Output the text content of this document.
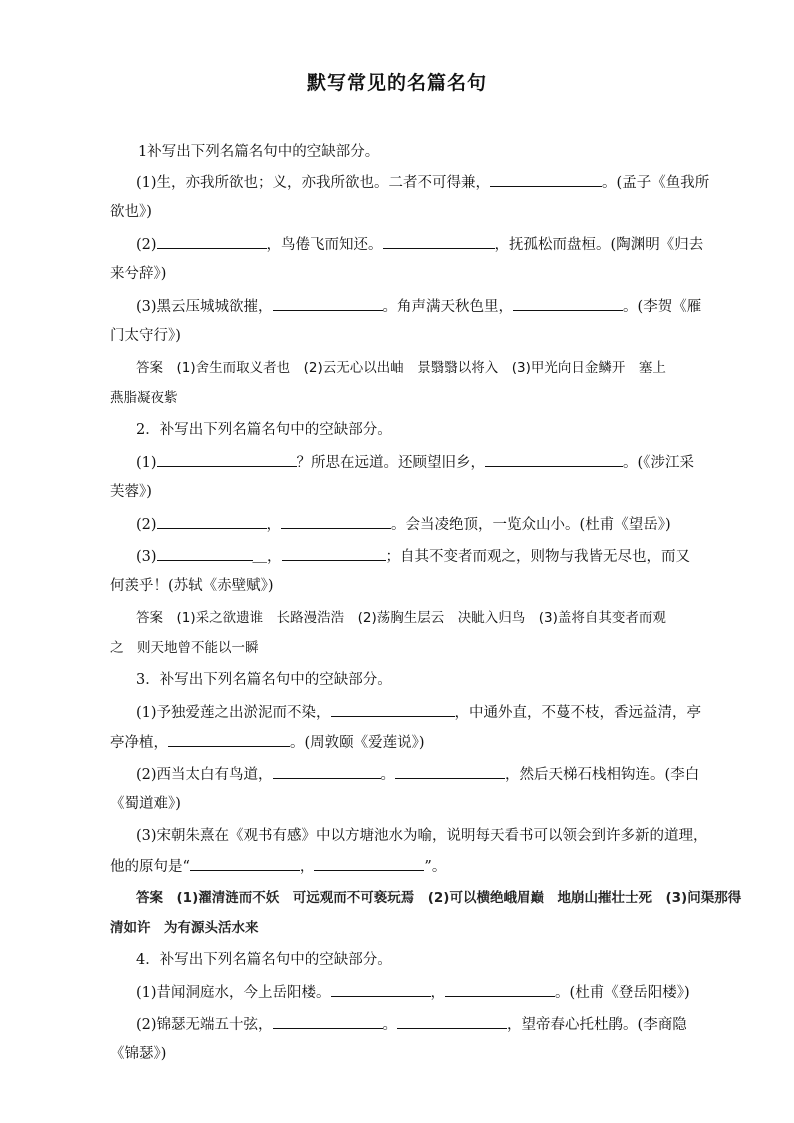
默写常见的名篇名句
1补写出下列名篇名句中的空缺部分。
(1)生，亦我所欲也；义，亦我所欲也。二者不可得兼，	。(孟子《鱼我所
欲也》)
(2)	，鸟倦飞而知还。	，抚孤松而盘桓。(陶渊明《归去
来兮辞》)
(3)黑云压城城欲摧，	。角声满天秋色里，	。(李贺《雁
门太守行》)
答案　(1)舍生而取义者也　(2)云无心以出岫　景翳翳以将入　(3)甲光向日金鳞开　塞上
燕脂凝夜紫
2．补写出下列名篇名句中的空缺部分。
(1)	？所思在远道。还顾望旧乡，	。(《涉江采
芙蓉》)
(2)	，	。会当凌绝顶，一览众山小。(杜甫《望岳》)
(3)	＿，	；自其不变者而观之，则物与我皆无尽也，而又
何羡乎！(苏轼《赤壁赋》)
答案　(1)采之欲遗谁　长路漫浩浩　(2)荡胸生层云　决眦入归鸟　(3)盖将自其变者而观
之　则天地曾不能以一瞬
3．补写出下列名篇名句中的空缺部分。
(1)予独爱莲之出淤泥而不染，	，中通外直，不蔓不枝，香远益清，亭
亭净植，	。(周敦颐《爱莲说》)
(2)西当太白有鸟道，	。	，然后天梯石栈相钩连。(李白
《蜀道难》)
(3)宋朝朱熹在《观书有感》中以方塘池水为喻，说明每天看书可以领会到许多新的道理，
他的原句是“	，	”。
答案　(1)濯清涟而不妖　可远观而不可亵玩焉　(2)可以横绝峨眉巅　地崩山摧壮士死　(3)问渠那得
清如许　为有源头活水来
4．补写出下列名篇名句中的空缺部分。
(1)昔闻洞庭水，今上岳阳楼。	，	。(杜甫《登岳阳楼》)
(2)锦瑟无端五十弦，	。	，望帝春心托杜鹃。(李商隐
《锦瑟》)
